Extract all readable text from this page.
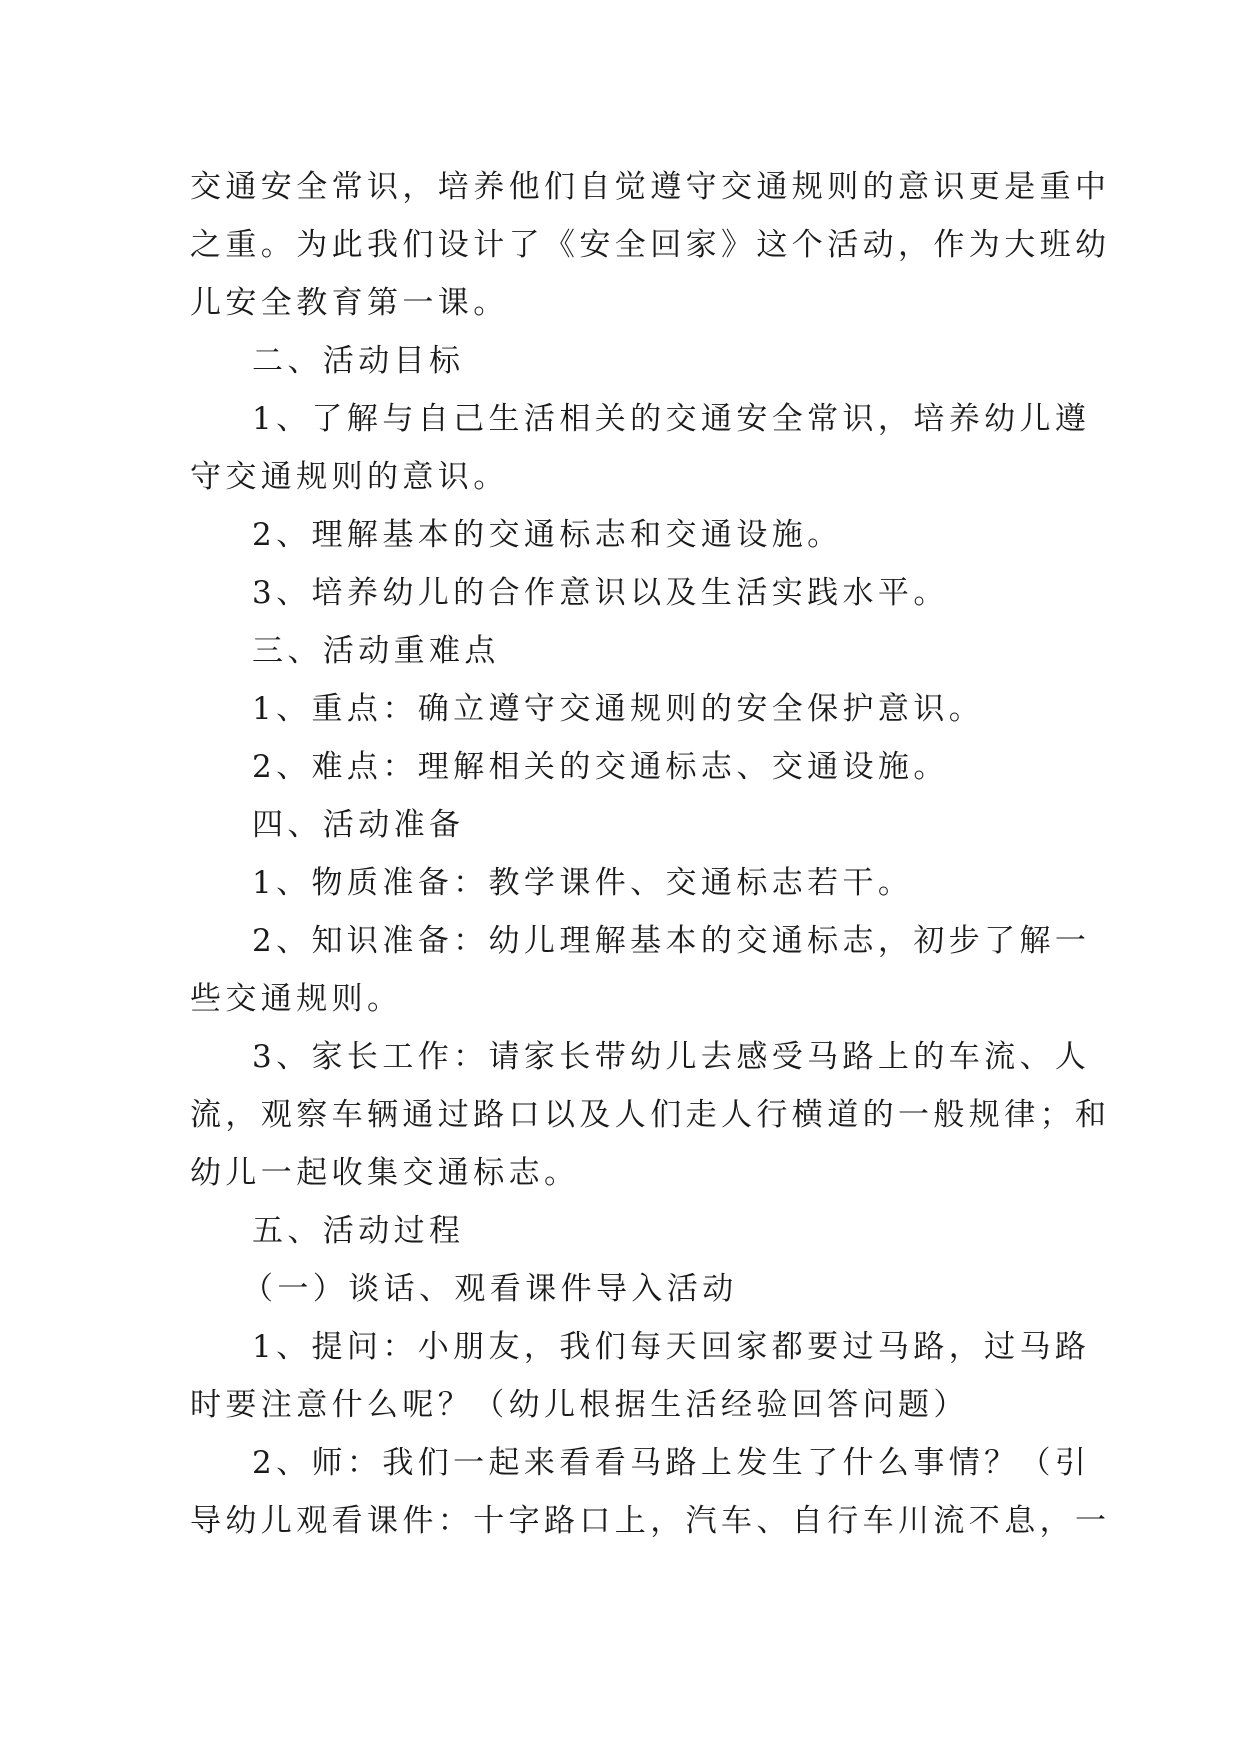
交通安全常识，培养他们自觉遵守交通规则的意识更是重中
之重。为此我们设计了《安全回家》这个活动，作为大班幼
儿安全教育第一课。
二、活动目标
1、了解与自己生活相关的交通安全常识，培养幼儿遵
守交通规则的意识。
2、理解基本的交通标志和交通设施。
3、培养幼儿的合作意识以及生活实践水平。
三、活动重难点
1、重点：确立遵守交通规则的安全保护意识。
2、难点：理解相关的交通标志、交通设施。
四、活动准备
1、物质准备：教学课件、交通标志若干。
2、知识准备：幼儿理解基本的交通标志，初步了解一
些交通规则。
3、家长工作：请家长带幼儿去感受马路上的车流、人
流，观察车辆通过路口以及人们走人行横道的一般规律；和
幼儿一起收集交通标志。
五、活动过程
（一）谈话、观看课件导入活动
1、提问：小朋友，我们每天回家都要过马路，过马路
时要注意什么呢？（幼儿根据生活经验回答问题）
2、师：我们一起来看看马路上发生了什么事情？（引
导幼儿观看课件：十字路口上，汽车、自行车川流不息，一
